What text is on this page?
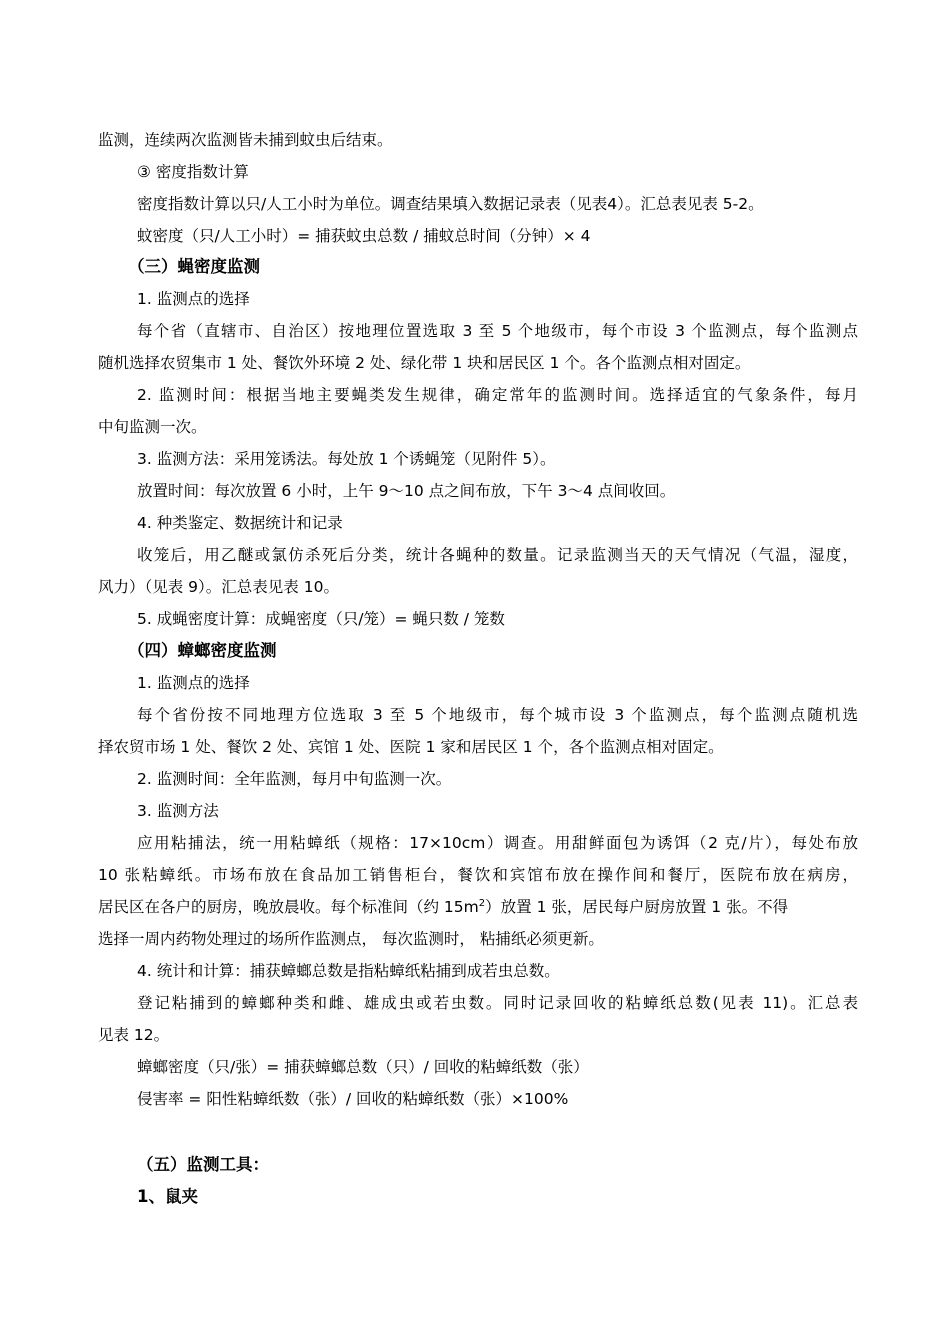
监测，连续两次监测皆未捕到蚊虫后结束。
③ 密度指数计算
密度指数计算以只/人工小时为单位。调查结果填入数据记录表（见表4）。汇总表见表 5-2。
蚊密度（只/人工小时）= 捕获蚊虫总数 / 捕蚊总时间（分钟）× 4
（三）蝇密度监测
1. 监测点的选择
每个省（直辖市、自治区）按地理位置选取 3 至 5 个地级市，每个市设 3 个监测点，每个监测点
随机选择农贸集市 1 处、餐饮外环境 2 处、绿化带 1 块和居民区 1 个。各个监测点相对固定。
2. 监测时间：根据当地主要蝇类发生规律，确定常年的监测时间。选择适宜的气象条件，每月
中旬监测一次。
3. 监测方法：采用笼诱法。每处放 1 个诱蝇笼（见附件 5）。
放置时间：每次放置 6 小时，上午 9～10 点之间布放，下午 3～4 点间收回。
4. 种类鉴定、数据统计和记录
收笼后，用乙醚或氯仿杀死后分类，统计各蝇种的数量。记录监测当天的天气情况（气温，湿度，
风力）（见表 9）。汇总表见表 10。
5. 成蝇密度计算：成蝇密度（只/笼）= 蝇只数 / 笼数
（四）蟑螂密度监测
1. 监测点的选择
每个省份按不同地理方位选取 3 至 5 个地级市，每个城市设 3 个监测点，每个监测点随机选
择农贸市场 1 处、餐饮 2 处、宾馆 1 处、医院 1 家和居民区 1 个，各个监测点相对固定。
2. 监测时间：全年监测，每月中旬监测一次。
3. 监测方法
应用粘捕法，统一用粘蟑纸（规格：17×10cm）调查。用甜鲜面包为诱饵（2 克/片），每处布放
10 张粘蟑纸。市场布放在食品加工销售柜台，餐饮和宾馆布放在操作间和餐厅，医院布放在病房，
居民区在各户的厨房，晚放晨收。每个标准间（约 $15m^2$）放置 1 张，居民每户厨房放置 1 张。不得
选择一周内药物处理过的场所作监测点， 每次监测时， 粘捕纸必须更新。
4. 统计和计算：捕获蟑螂总数是指粘蟑纸粘捕到成若虫总数。
登记粘捕到的蟑螂种类和雌、雄成虫或若虫数。同时记录回收的粘蟑纸总数(见表 11)。汇总表
见表 12。
蟑螂密度（只/张）= 捕获蟑螂总数（只）/ 回收的粘蟑纸数（张）
侵害率 = 阳性粘蟑纸数（张）/ 回收的粘蟑纸数（张）×100%
（五）监测工具：
1、鼠夹
